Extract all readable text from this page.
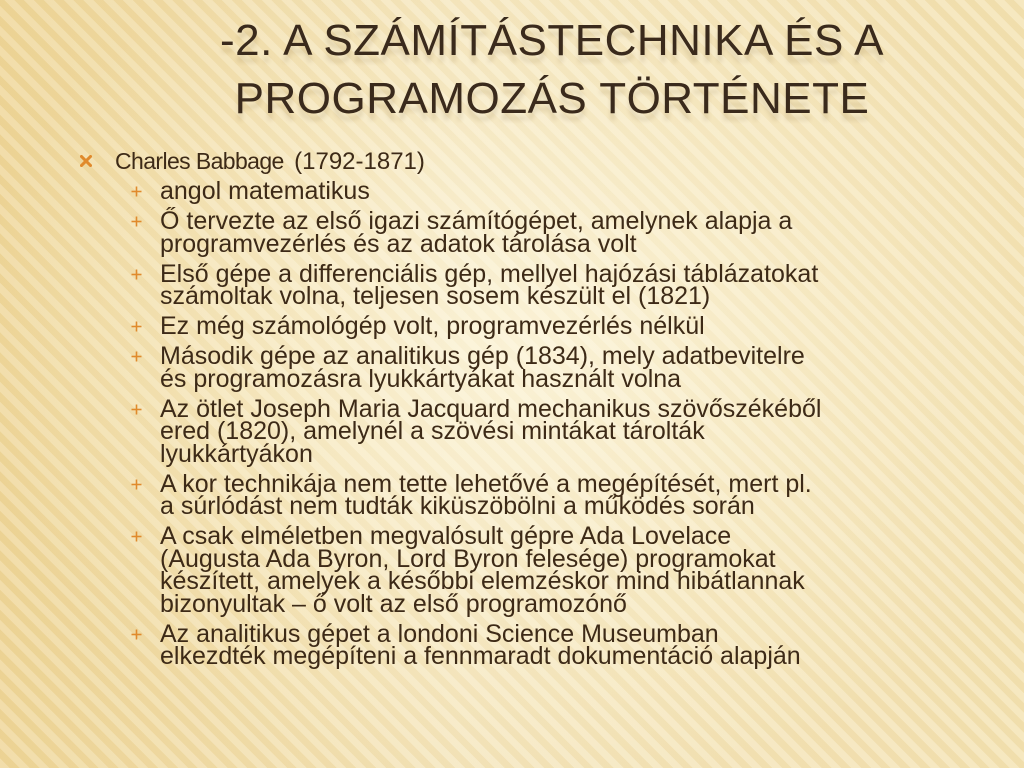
-2. A SZÁMÍTÁSTECHNIKA ÉS A
PROGRAMOZÁS TÖRTÉNETE
Charles Babbage (1792-1871)
angol matematikus
Ő tervezte az első igazi számítógépet, amelynek alapja a
programvezérlés és az adatok tárolása volt
Első gépe a differenciális gép, mellyel hajózási táblázatokat
számoltak volna, teljesen sosem készült el (1821)
Ez még számológép volt, programvezérlés nélkül
Második gépe az analitikus gép (1834), mely adatbevitelre
és programozásra lyukkártyákat használt volna
Az ötlet Joseph Maria Jacquard mechanikus szövőszékéből
ered (1820), amelynél a szövési mintákat tárolták
lyukkártyákon
A kor technikája nem tette lehetővé a megépítését, mert pl.
a súrlódást nem tudták kiküszöbölni a működés során
A csak elméletben megvalósult gépre Ada Lovelace
(Augusta Ada Byron, Lord Byron felesége) programokat
készített, amelyek a későbbi elemzéskor mind hibátlannak
bizonyultak – ő volt az első programozónő
Az analitikus gépet a londoni Science Museumban
elkezdték megépíteni a fennmaradt dokumentáció alapján
